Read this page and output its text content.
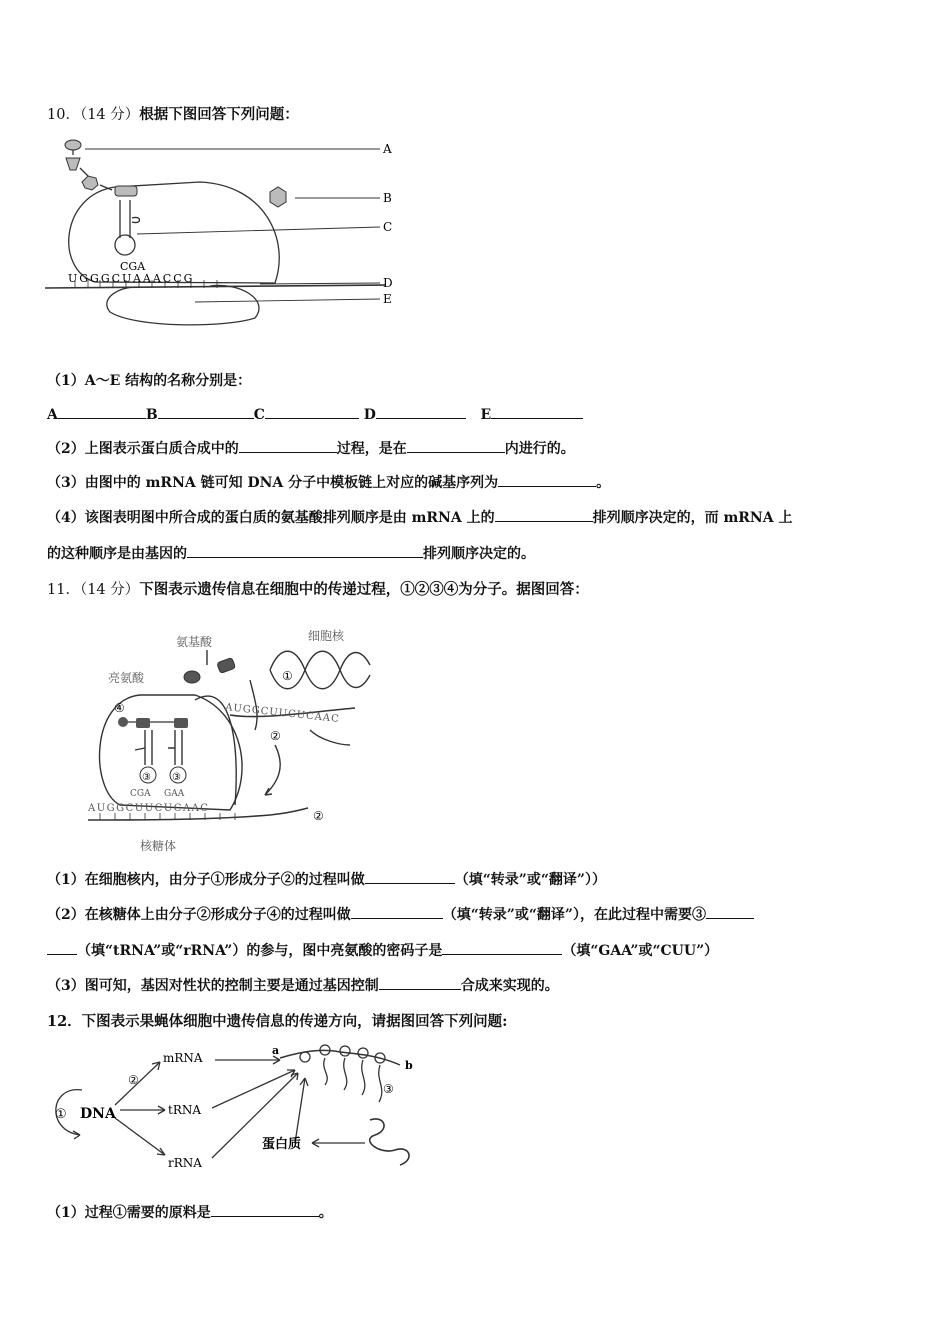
10．（14 分）根据下图回答下列问题：
CGA
UGGGCUAAACCG
A
B
C
D
E
（1）A～E 结构的名称分别是：
A	B	C	D	E
（2）上图表示蛋白质合成中的	过程，是在	内进行的。
（3）由图中的 mRNA 链可知 DNA 分子中模板链上对应的碱基序列为	。
（4）该图表明图中所合成的蛋白质的氨基酸排列顺序是由 mRNA 上的	排列顺序决定的，而 mRNA 上
的这种顺序是由基因的	排列顺序决定的。
11．（14 分）下图表示遗传信息在细胞中的传递过程，①②③④为分子。据图回答：
氨基酸	细胞核
亮氨酸
核糖体
AUGGCUUCUCAAC
AUGGCUUCUCAAC
CGA GAA
①
②
②
③ ③
④
（1）在细胞核内，由分子①形成分子②的过程叫做	（填“转录”或“翻译”））
（2）在核糖体上由分子②形成分子④的过程叫做	（填“转录”或“翻译”），在此过程中需要③
（填“tRNA”或“rRNA”）的参与，图中亮氨酸的密码子是	（填“GAA”或“CUU”）
（3）图可知，基因对性状的控制主要是通过基因控制	合成来实现的。
12．下图表示果蝇体细胞中遗传信息的传递方向，请据图回答下列问题:
① DNA
mRNA
tRNA
rRNA
②
③
a
b
蛋白质
（1）过程①需要的原料是	。
